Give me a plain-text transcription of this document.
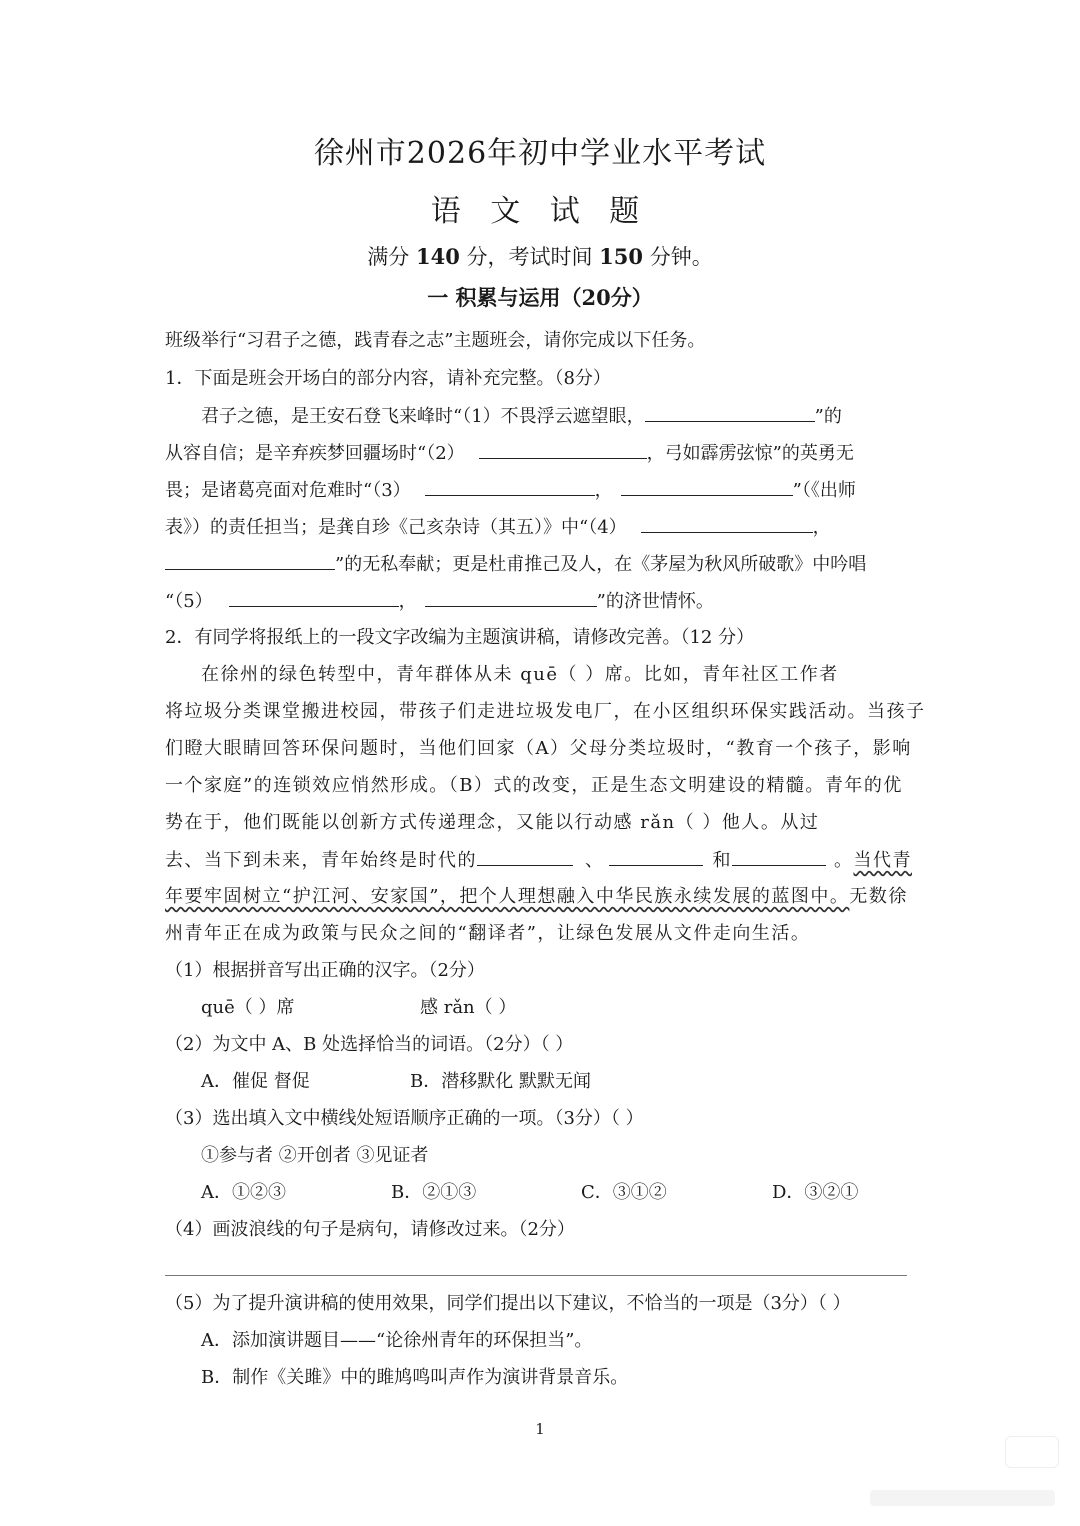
徐州市2026年初中学业水平考试
语 文 试 题
满分 140 分，考试时间 150 分钟。
一 积累与运用（20分）
班级举行“习君子之德，践青春之志”主题班会，请你完成以下任务。
1．下面是班会开场白的部分内容，请补充完整。（8分）
君子之德，是王安石登飞来峰时“（1）不畏浮云遮望眼，	”的
从容自信；是辛弃疾梦回疆场时“（2）	，弓如霹雳弦惊”的英勇无
畏；是诸葛亮面对危难时“（3）	，	”（《出师
表》）的责任担当；是龚自珍《己亥杂诗（其五）》中“（4）	，
”的无私奉献；更是杜甫推己及人，在《茅屋为秋风所破歌》中吟唱
“（5）	，	”的济世情怀。
2．有同学将报纸上的一段文字改编为主题演讲稿，请修改完善。（12 分）
在徐州的绿色转型中，青年群体从未 quē（ ）席。比如，青年社区工作者
将垃圾分类课堂搬进校园，带孩子们走进垃圾发电厂，在小区组织环保实践活动。当孩子
们瞪大眼睛回答环保问题时，当他们回家（A）父母分类垃圾时，“教育一个孩子，影响
一个家庭”的连锁效应悄然形成。（B）式的改变，正是生态文明建设的精髓。青年的优
势在于，他们既能以创新方式传递理念，又能以行动感 rǎn（ ）他人。从过
去、当下到未来，青年始终是时代的	、	和	。当代青
年要牢固树立“护江河、安家国”，把个人理想融入中华民族永续发展的蓝图中。无数徐
州青年正在成为政策与民众之间的“翻译者”，让绿色发展从文件走向生活。
（1）根据拼音写出正确的汉字。（2分）
quē（ ）席	感 rǎn（ ）
（2）为文中 A、B 处选择恰当的词语。（2分）（ ）
A．催促 督促	B．潜移默化 默默无闻
（3）选出填入文中横线处短语顺序正确的一项。（3分）（ ）
①参与者 ②开创者 ③见证者
A．①②③	B．②①③	C．③①②	D．③②①
（4）画波浪线的句子是病句，请修改过来。（2分）
（5）为了提升演讲稿的使用效果，同学们提出以下建议，不恰当的一项是（3分）（ ）
A．添加演讲题目——“论徐州青年的环保担当”。
B．制作《关雎》中的雎鸠鸣叫声作为演讲背景音乐。
1
